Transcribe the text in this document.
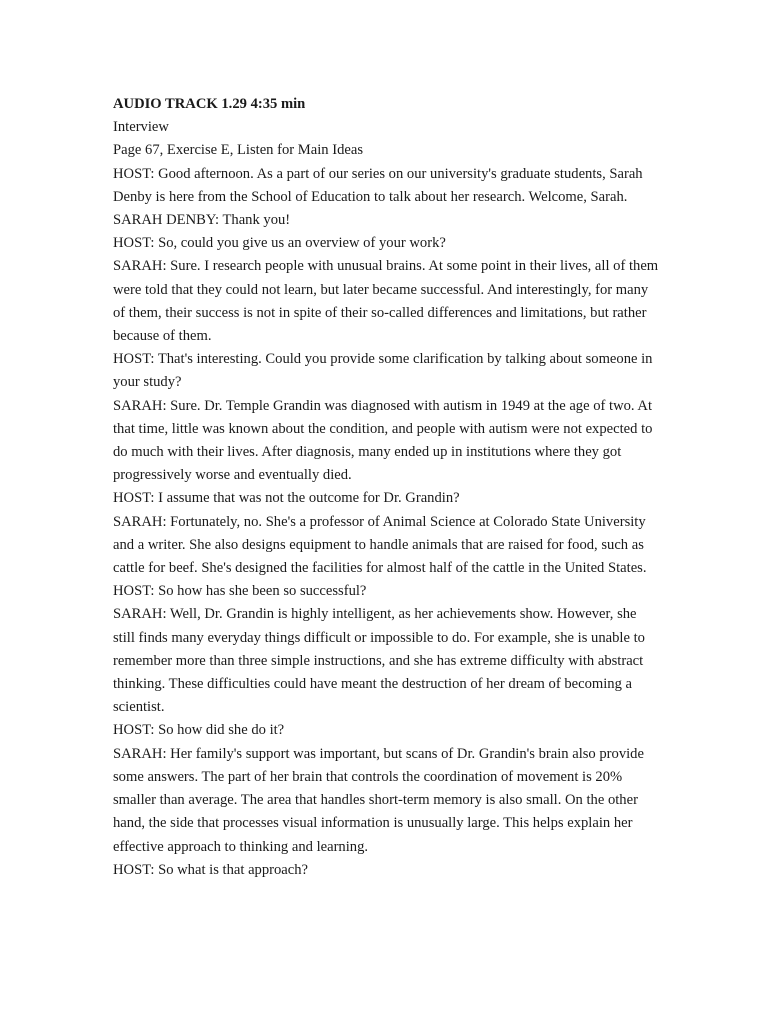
AUDIO TRACK 1.29 4:35 min

Interview

Page 67, Exercise E, Listen for Main Ideas

HOST: Good afternoon. As a part of our series on our university's graduate students, Sarah Denby is here from the School of Education to talk about her research. Welcome, Sarah.

SARAH DENBY: Thank you!

HOST: So, could you give us an overview of your work?

SARAH: Sure. I research people with unusual brains. At some point in their lives, all of them were told that they could not learn, but later became successful. And interestingly, for many of them, their success is not in spite of their so-called differences and limitations, but rather because of them.

HOST: That's interesting. Could you provide some clarification by talking about someone in your study?

SARAH: Sure. Dr. Temple Grandin was diagnosed with autism in 1949 at the age of two. At that time, little was known about the condition, and people with autism were not expected to do much with their lives. After diagnosis, many ended up in institutions where they got progressively worse and eventually died.

HOST: I assume that was not the outcome for Dr. Grandin?

SARAH: Fortunately, no. She's a professor of Animal Science at Colorado State University and a writer. She also designs equipment to handle animals that are raised for food, such as cattle for beef. She's designed the facilities for almost half of the cattle in the United States.

HOST: So how has she been so successful?

SARAH: Well, Dr. Grandin is highly intelligent, as her achievements show. However, she still finds many everyday things difficult or impossible to do. For example, she is unable to remember more than three simple instructions, and she has extreme difficulty with abstract thinking. These difficulties could have meant the destruction of her dream of becoming a scientist.

HOST: So how did she do it?

SARAH: Her family's support was important, but scans of Dr. Grandin's brain also provide some answers. The part of her brain that controls the coordination of movement is 20% smaller than average. The area that handles short-term memory is also small. On the other hand, the side that processes visual information is unusually large. This helps explain her effective approach to thinking and learning.

HOST: So what is that approach?
